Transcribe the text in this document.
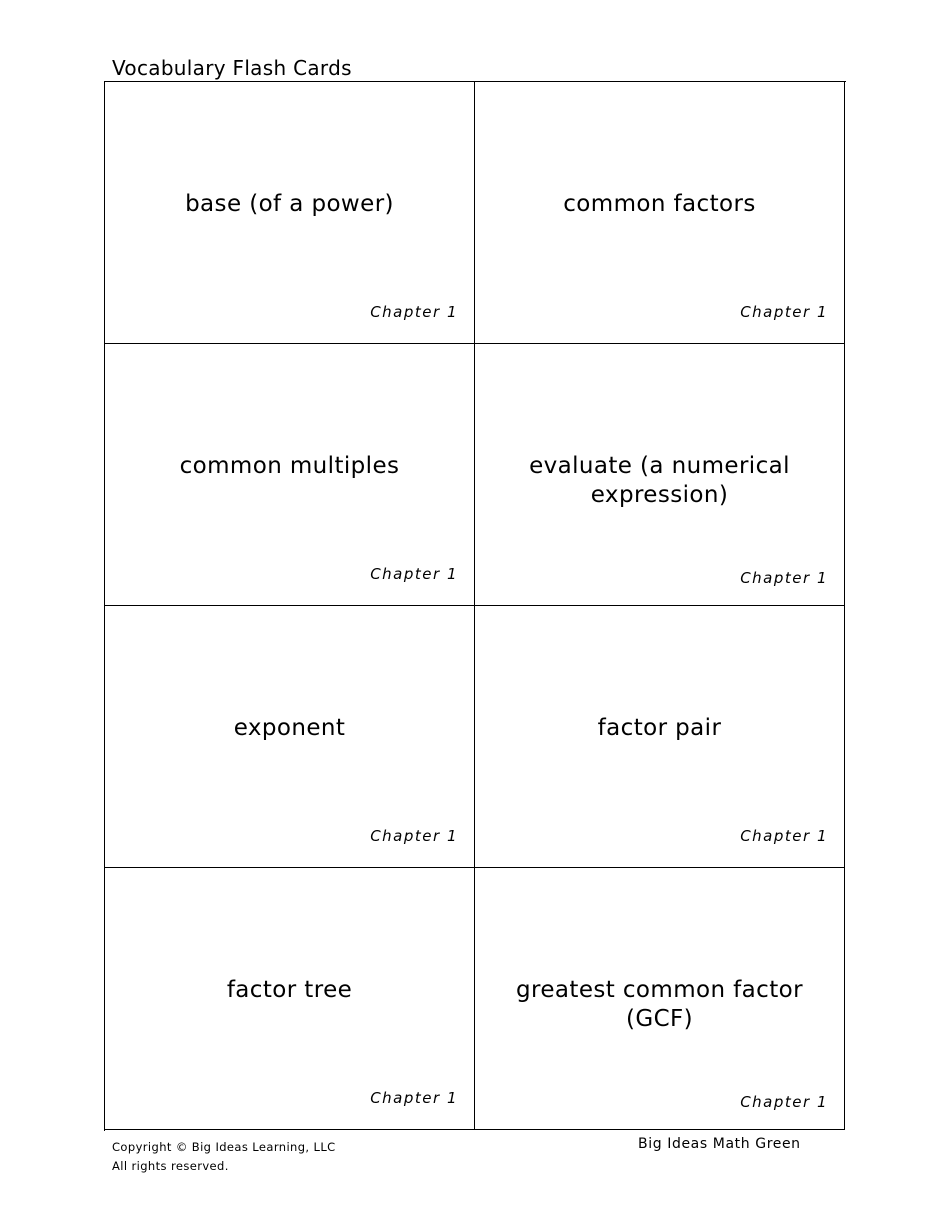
Vocabulary Flash Cards
base (of a power)
Chapter 1
common factors
Chapter 1
common multiples
Chapter 1
evaluate (a numerical expression)
Chapter 1
exponent
Chapter 1
factor pair
Chapter 1
factor tree
Chapter 1
greatest common factor (GCF)
Chapter 1
Copyright © Big Ideas Learning, LLC
All rights reserved.
Big Ideas Math Green
